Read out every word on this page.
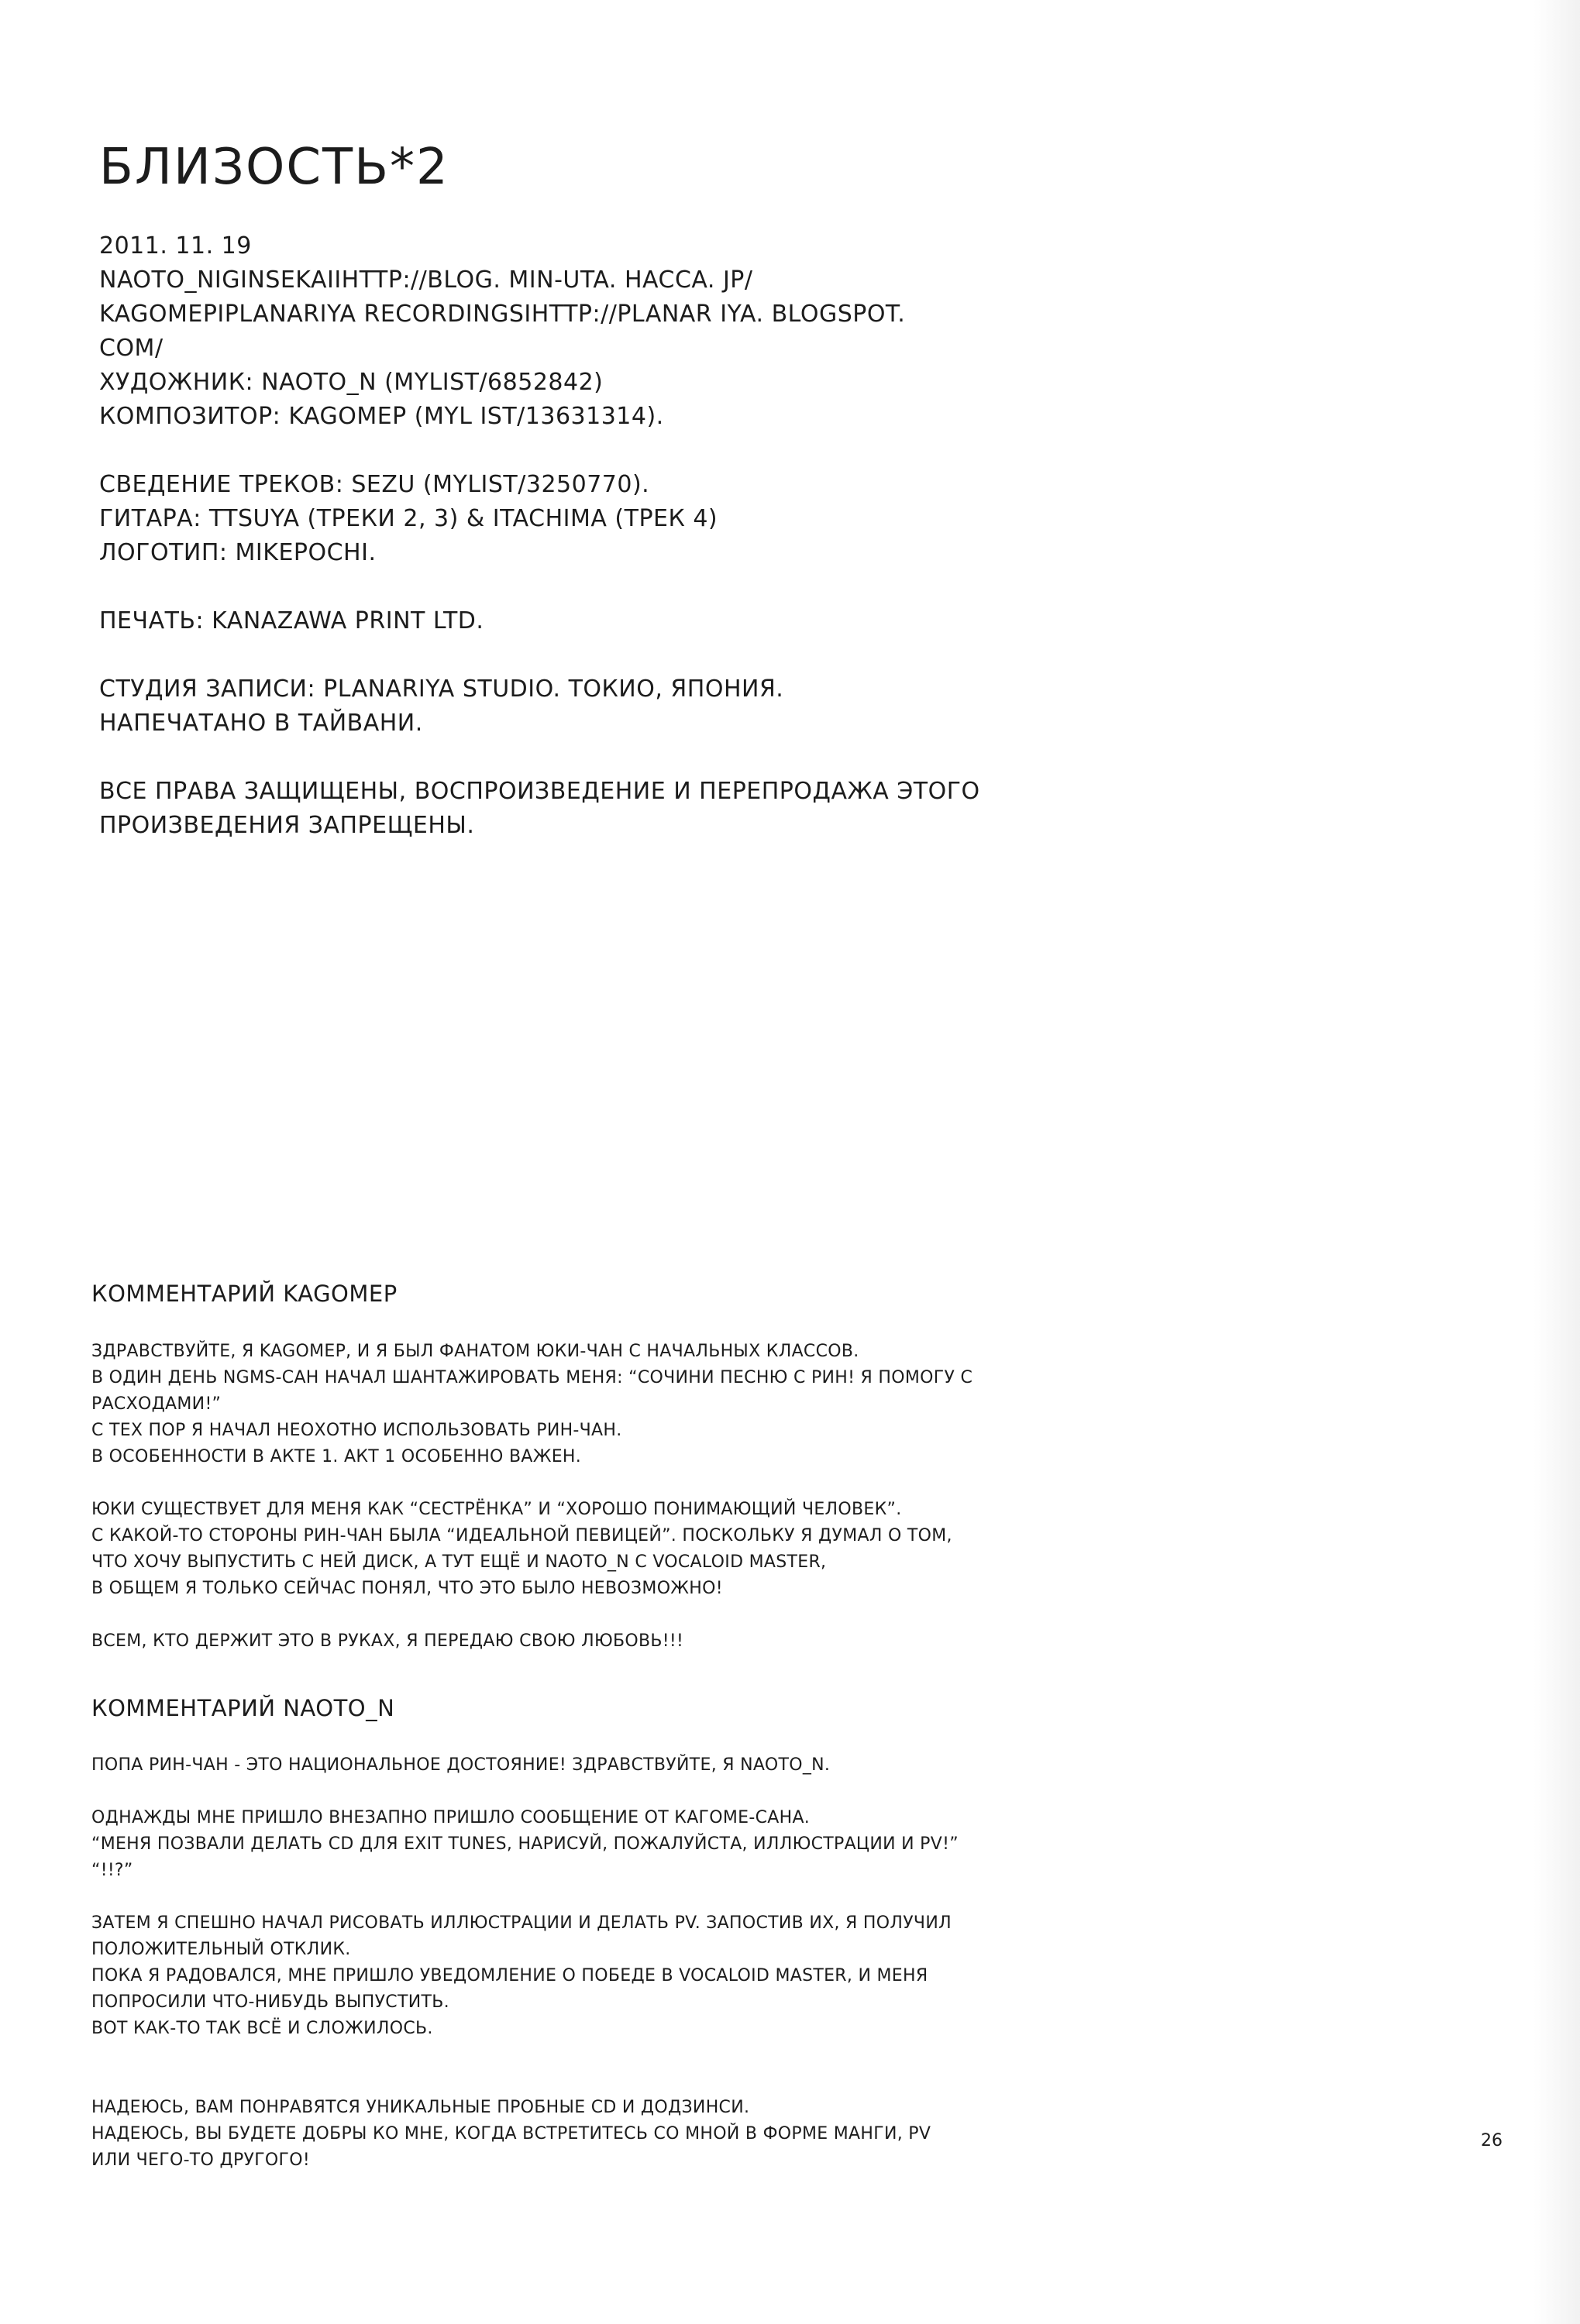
БЛИЗОСТЬ*2
2011. 11. 19
NAOTO_NIGINSEKAIIHTTP://BLOG. MIN-UTA. HACCA. JP/
KAGOMEPIPLANARIYA RECORDINGSIHTTP://PLANAR IYA. BLOGSPOT.
COM/
ХУДОЖНИК: NAOTO_N (MYLIST/6852842)
КОМПОЗИТОР: KAGOMEP (MYL IST/13631314).
СВЕДЕНИЕ ТРЕКОВ: SEZU (MYLIST/3250770).
ГИТАРА: TTSUYA (ТРЕКИ 2, 3) & ITACHIMA (ТРЕК 4)
ЛОГОТИП: MIKEPOCHI.
ПЕЧАТЬ: KANAZAWA PRINT LTD.
СТУДИЯ ЗАПИСИ: PLANARIYA STUDIO. ТОКИО, ЯПОНИЯ.
НАПЕЧАТАНО В ТАЙВАНИ.
ВСЕ ПРАВА ЗАЩИЩЕНЫ, ВОСПРОИЗВЕДЕНИЕ И ПЕРЕПРОДАЖА ЭТОГО
ПРОИЗВЕДЕНИЯ ЗАПРЕЩЕНЫ.
КОММЕНТАРИЙ KAGOMEP
ЗДРАВСТВУЙТЕ, Я KAGOMEP, И Я БЫЛ ФАНАТОМ ЮКИ-ЧАН С НАЧАЛЬНЫХ КЛАССОВ.
В ОДИН ДЕНЬ NGMS-САН НАЧАЛ ШАНТАЖИРОВАТЬ МЕНЯ: “СОЧИНИ ПЕСНЮ С РИН! Я ПОМОГУ С
РАСХОДАМИ!”
С ТЕХ ПОР Я НАЧАЛ НЕОХОТНО ИСПОЛЬЗОВАТЬ РИН-ЧАН.
В ОСОБЕННОСТИ В АКТЕ 1. АКТ 1 ОСОБЕННО ВАЖЕН.
ЮКИ СУЩЕСТВУЕТ ДЛЯ МЕНЯ КАК “СЕСТРЁНКА” И “ХОРОШО ПОНИМАЮЩИЙ ЧЕЛОВЕК”.
С КАКОЙ-ТО СТОРОНЫ РИН-ЧАН БЫЛА “ИДЕАЛЬНОЙ ПЕВИЦЕЙ”. ПОСКОЛЬКУ Я ДУМАЛ О ТОМ,
ЧТО ХОЧУ ВЫПУСТИТЬ С НЕЙ ДИСК, А ТУТ ЕЩЁ И NAOTO_N С VOCALOID MASTER,
В ОБЩЕМ Я ТОЛЬКО СЕЙЧАС ПОНЯЛ, ЧТО ЭТО БЫЛО НЕВОЗМОЖНО!
ВСЕМ, КТО ДЕРЖИТ ЭТО В РУКАХ, Я ПЕРЕДАЮ СВОЮ ЛЮБОВЬ!!!
КОММЕНТАРИЙ NAOTO_N
ПОПА РИН-ЧАН - ЭТО НАЦИОНАЛЬНОЕ ДОСТОЯНИЕ! ЗДРАВСТВУЙТЕ, Я NAOTO_N.
ОДНАЖДЫ МНЕ ПРИШЛО ВНЕЗАПНО ПРИШЛО СООБЩЕНИЕ ОТ КАГОМЕ-САНА.
“МЕНЯ ПОЗВАЛИ ДЕЛАТЬ CD ДЛЯ EXIT TUNES, НАРИСУЙ, ПОЖАЛУЙСТА, ИЛЛЮСТРАЦИИ И PV!”
“!!?”
ЗАТЕМ Я СПЕШНО НАЧАЛ РИСОВАТЬ ИЛЛЮСТРАЦИИ И ДЕЛАТЬ PV. ЗАПОСТИВ ИХ, Я ПОЛУЧИЛ
ПОЛОЖИТЕЛЬНЫЙ ОТКЛИК.
ПОКА Я РАДОВАЛСЯ, МНЕ ПРИШЛО УВЕДОМЛЕНИЕ О ПОБЕДЕ В VOCALOID MASTER, И МЕНЯ
ПОПРОСИЛИ ЧТО-НИБУДЬ ВЫПУСТИТЬ.
ВОТ КАК-ТО ТАК ВСЁ И СЛОЖИЛОСЬ.
НАДЕЮСЬ, ВАМ ПОНРАВЯТСЯ УНИКАЛЬНЫЕ ПРОБНЫЕ CD И ДОДЗИНСИ.
НАДЕЮСЬ, ВЫ БУДЕТЕ ДОБРЫ КО МНЕ, КОГДА ВСТРЕТИТЕСЬ СО МНОЙ В ФОРМЕ МАНГИ, PV
ИЛИ ЧЕГО-ТО ДРУГОГО!
26
